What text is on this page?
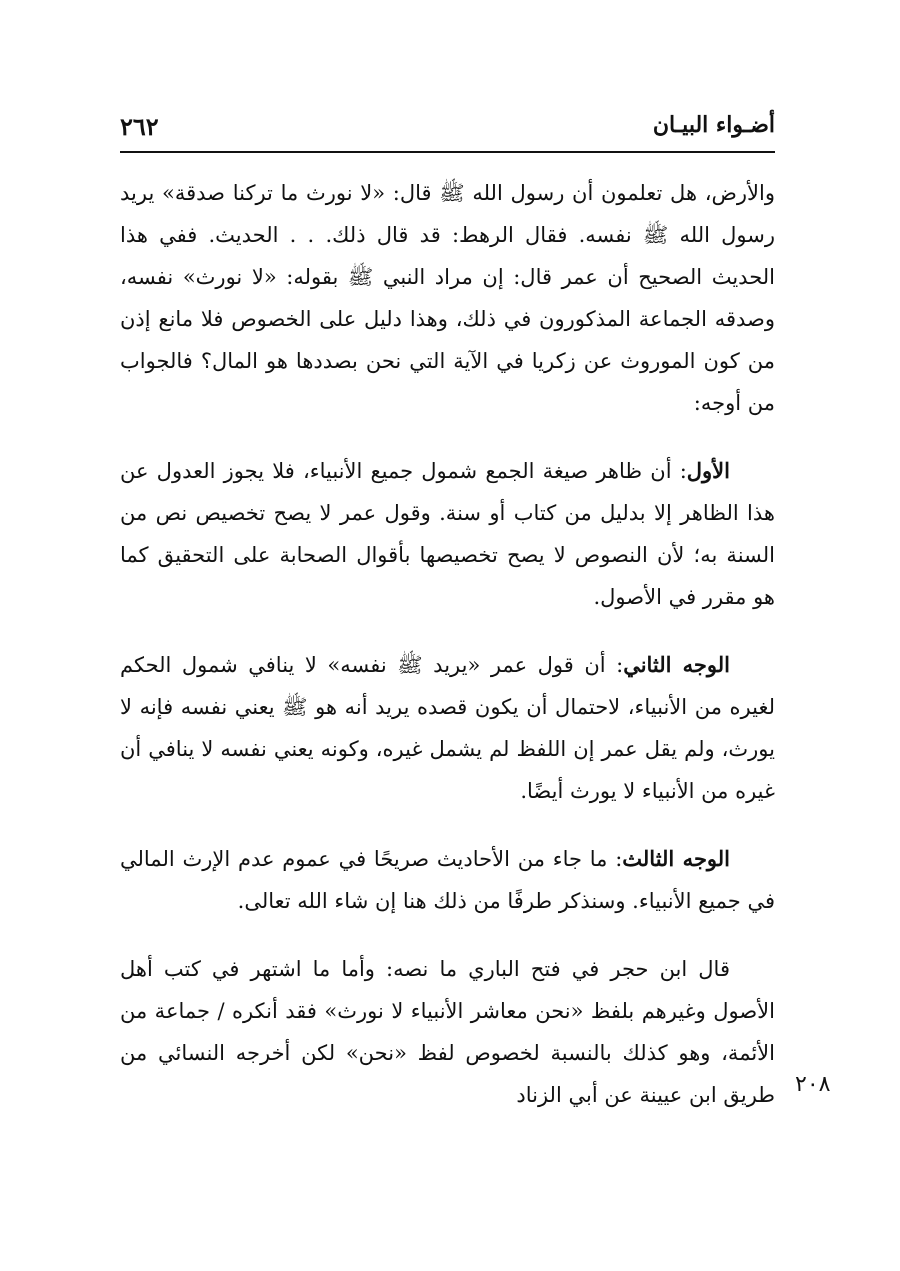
أضـواء البيـان
٢٦٢

والأرض، هل تعلمون أن رسول الله ﷺ قال: «لا نورث ما تركنا صدقة» يريد رسول الله ﷺ نفسه. فقال الرهط: قد قال ذلك. . . الحديث. ففي هذا الحديث الصحيح أن عمر قال: إن مراد النبي ﷺ بقوله: «لا نورث» نفسه، وصدقه الجماعة المذكورون في ذلك، وهذا دليل على الخصوص فلا مانع إذن من كون الموروث عن زكريا في الآية التي نحن بصددها هو المال؟ فالجواب من أوجه:

الأول: أن ظاهر صيغة الجمع شمول جميع الأنبياء، فلا يجوز العدول عن هذا الظاهر إلا بدليل من كتاب أو سنة. وقول عمر لا يصح تخصيص نص من السنة به؛ لأن النصوص لا يصح تخصيصها بأقوال الصحابة على التحقيق كما هو مقرر في الأصول.

الوجه الثاني: أن قول عمر «يريد ﷺ نفسه» لا ينافي شمول الحكم لغيره من الأنبياء، لاحتمال أن يكون قصده يريد أنه هو ﷺ يعني نفسه فإنه لا يورث، ولم يقل عمر إن اللفظ لم يشمل غيره، وكونه يعني نفسه لا ينافي أن غيره من الأنبياء لا يورث أيضًا.

الوجه الثالث: ما جاء من الأحاديث صريحًا في عموم عدم الإرث المالي في جميع الأنبياء. وسنذكر طرفًا من ذلك هنا إن شاء الله تعالى.

قال ابن حجر في فتح الباري ما نصه: وأما ما اشتهر في كتب أهل الأصول وغيرهم بلفظ «نحن معاشر الأنبياء لا نورث» فقد أنكره / جماعة من الأئمة، وهو كذلك بالنسبة لخصوص لفظ «نحن» لكن أخرجه النسائي من طريق ابن عيينة عن أبي الزناد ٢٠٨
